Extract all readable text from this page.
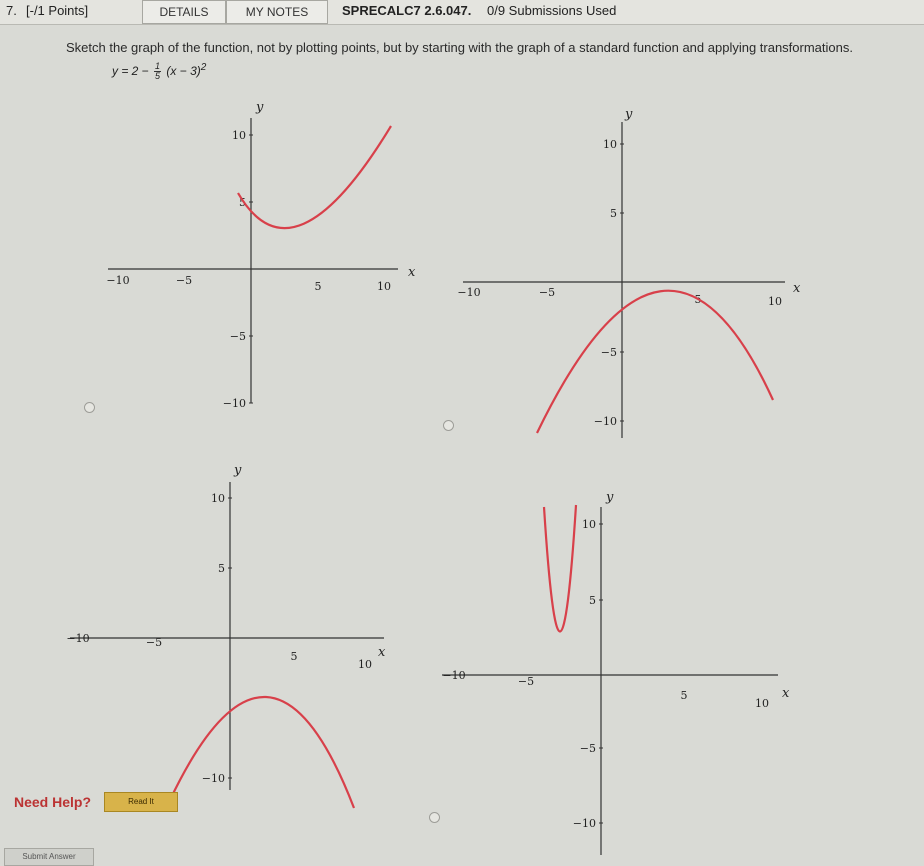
7. [-/1 Points]	DETAILS	MY NOTES	SPRECALC7 2.6.047. 0/9 Submissions Used
Sketch the graph of the function, not by plotting points, but by starting with the graph of a standard function and applying transformations.
$y = 2 - \frac{1}{5} (x - 3)^2$
x
y
−10	−5	5	10
10
5
−5
−10
x
y
−10	−5
5	10
10
5
−5
−10
x
y
−10	−5
5
10
10
5
−10
x
y
−10	−5
5
10
10
5
−5
−10
Need Help?	Read It
Submit Answer
